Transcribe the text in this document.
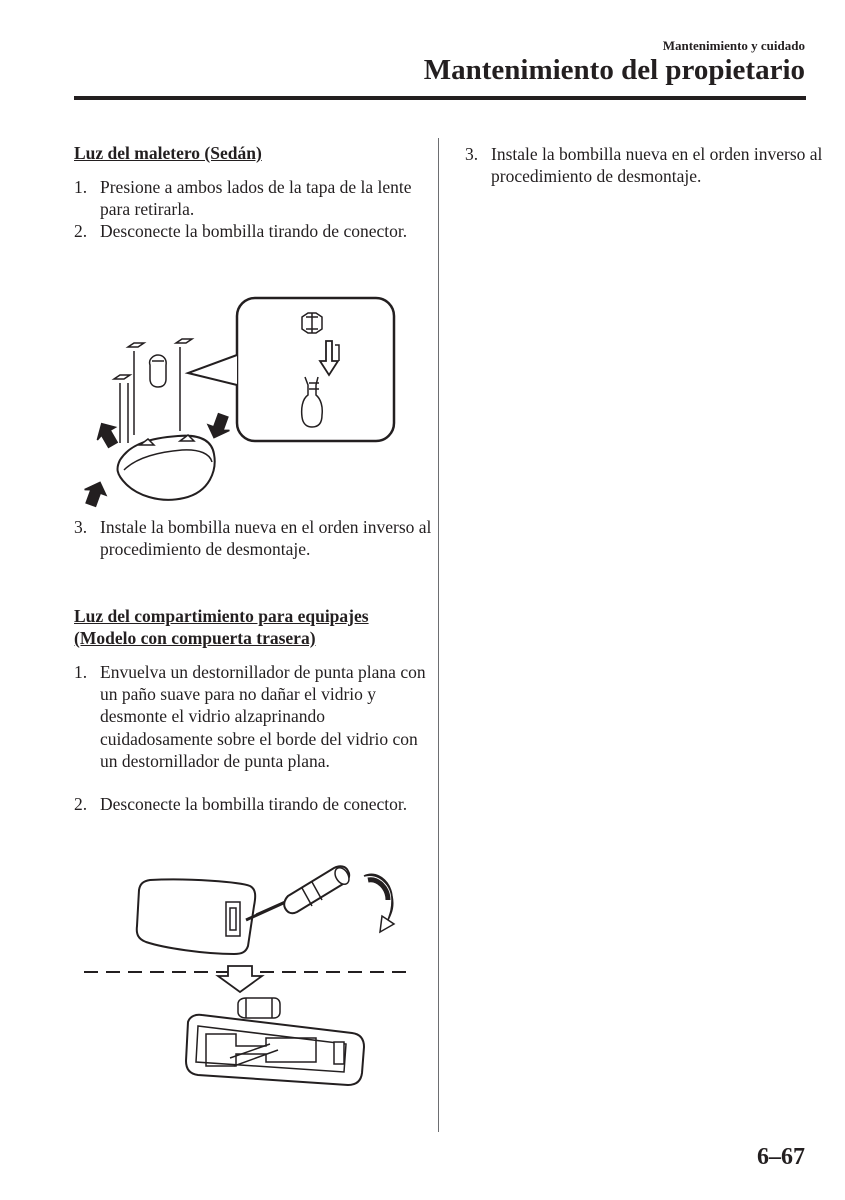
Mantenimiento y cuidado
Mantenimiento del propietario
Luz del maletero (Sedán)
1. Presione a ambos lados de la tapa de la lente para retirarla.
2. Desconecte la bombilla tirando de conector.
3. Instale la bombilla nueva en el orden inverso al procedimiento de desmontaje.
Luz del compartimiento para equipajes
(Modelo con compuerta trasera)
1. Envuelva un destornillador de punta plana con un paño suave para no dañar el vidrio y desmonte el vidrio alzaprinando cuidadosamente sobre el borde del vidrio con un destornillador de punta plana.
2. Desconecte la bombilla tirando de conector.
3. Instale la bombilla nueva en el orden inverso al procedimiento de desmontaje.
6–67
